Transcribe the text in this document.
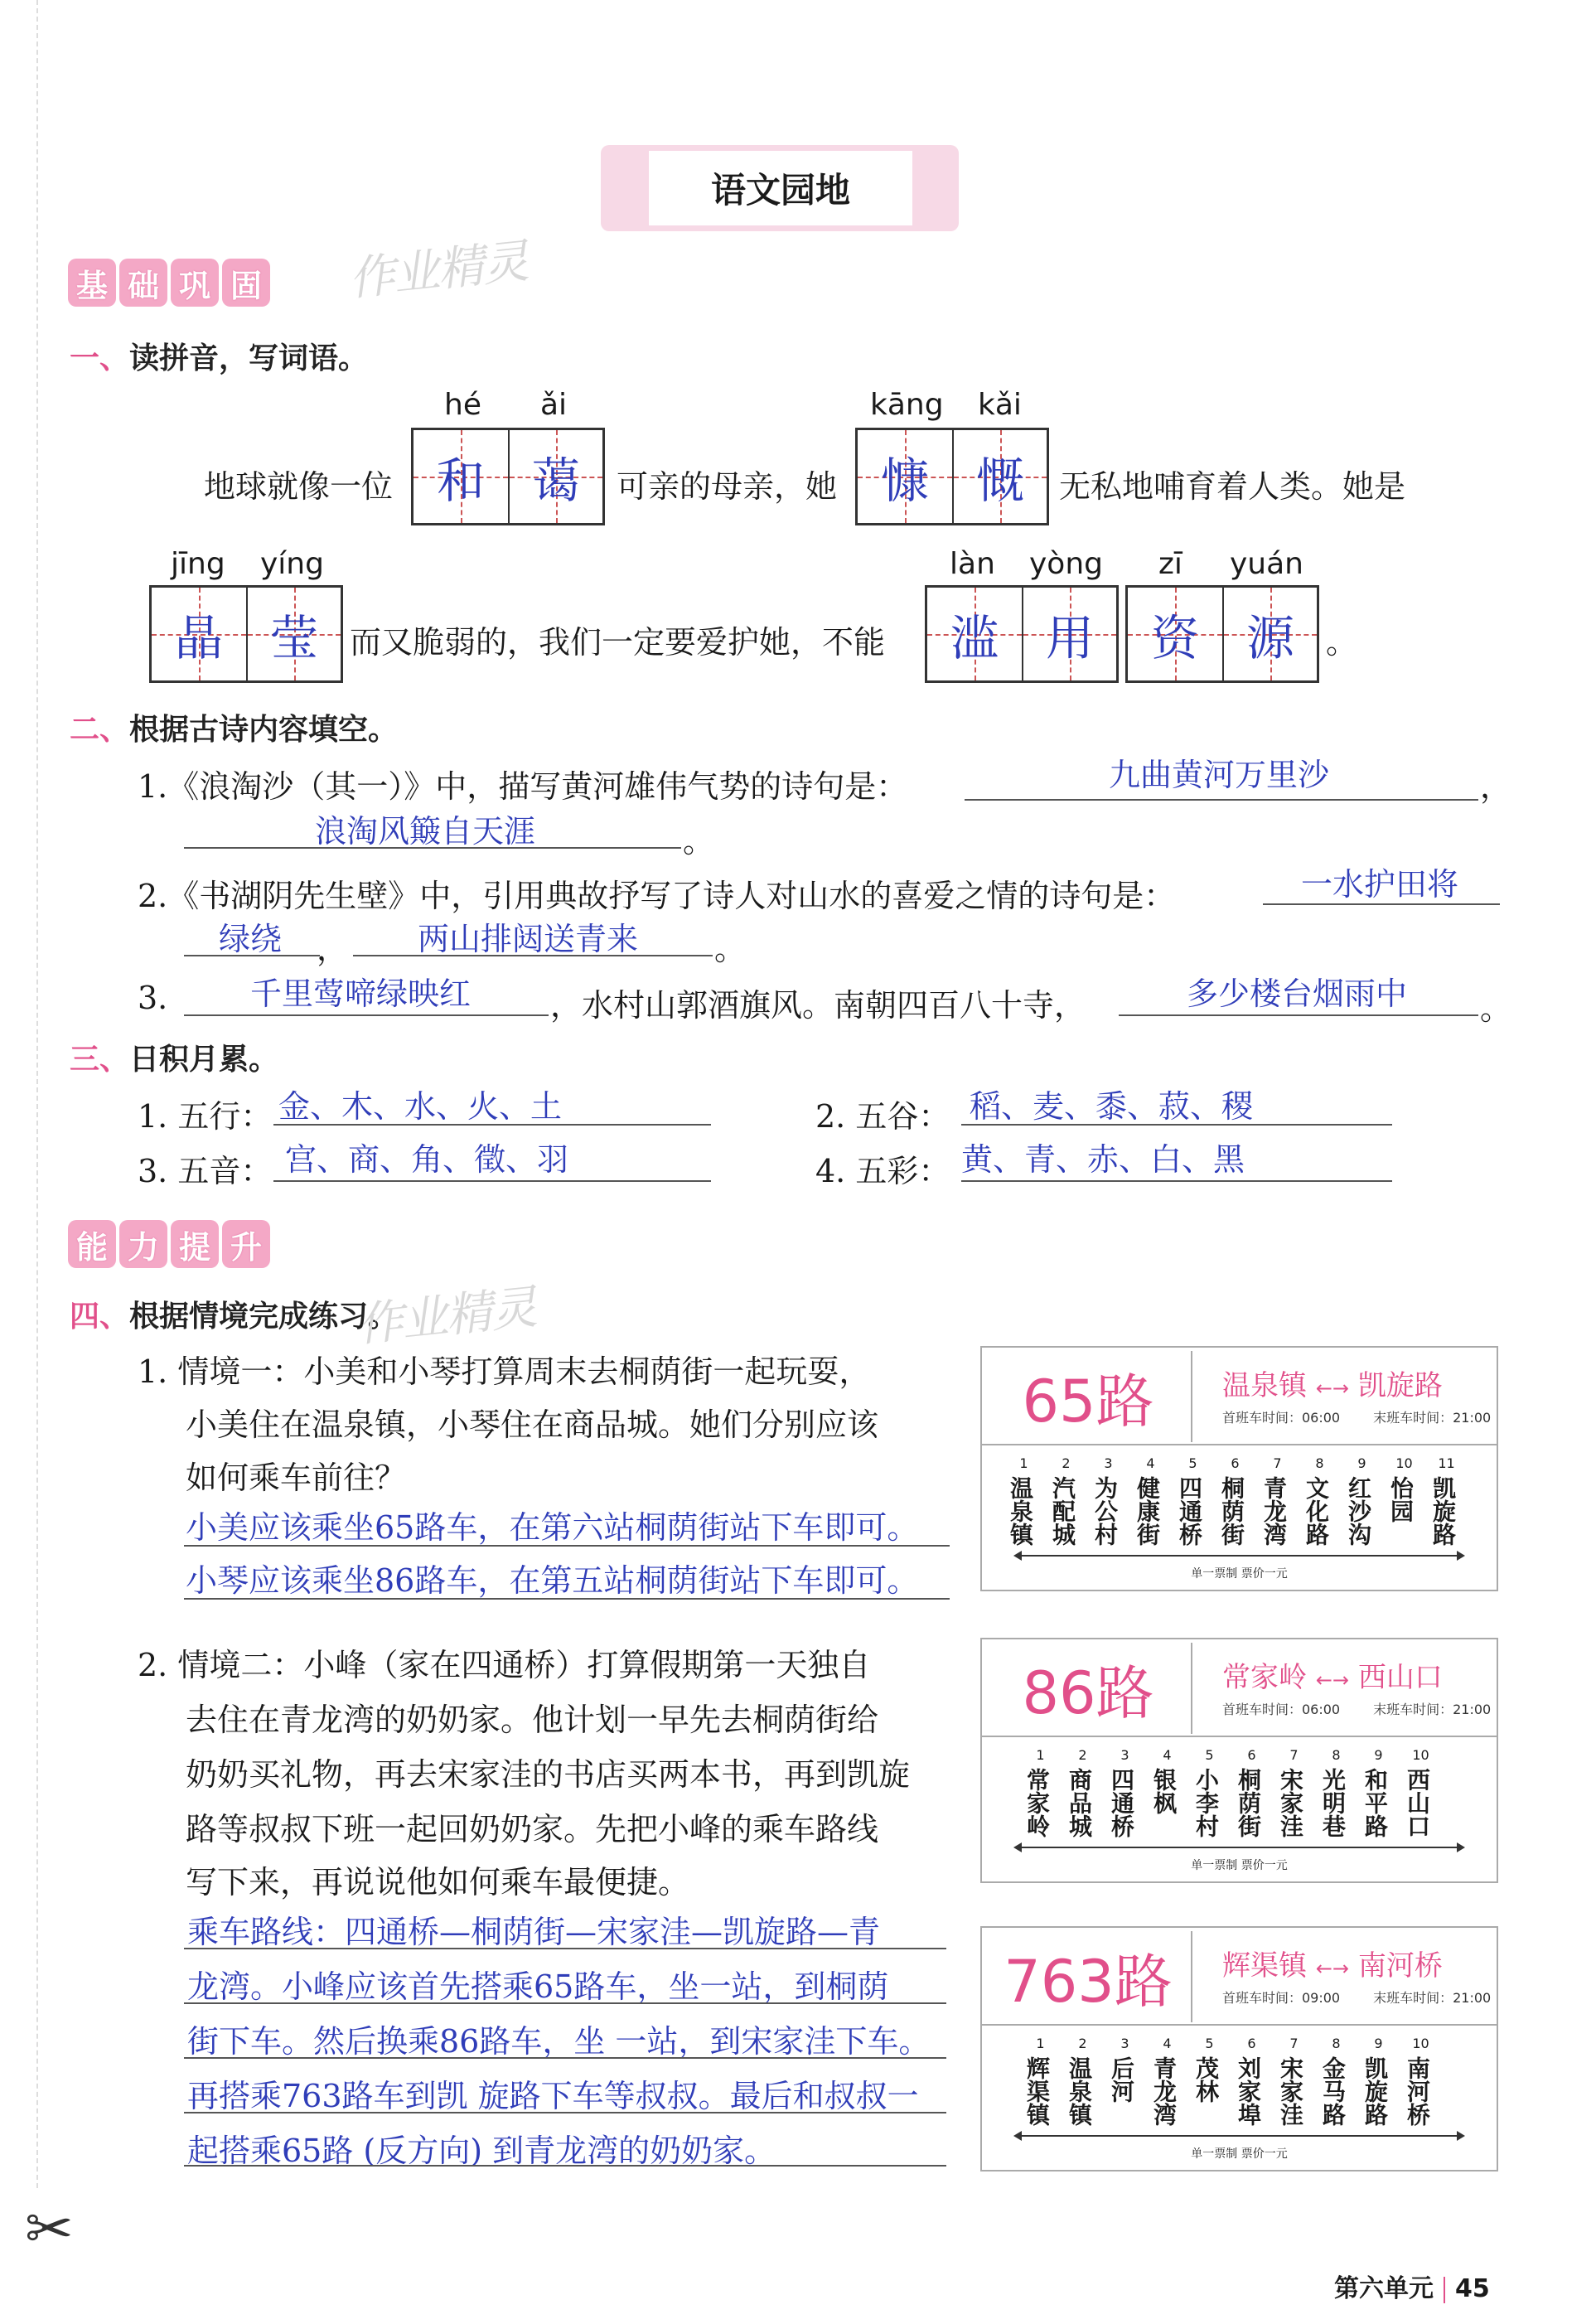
语文园地
基 础 巩 固 作业精灵
一、读拼音，写词语。
hé ǎi	kāng kǎi
地球就像一位 和 蔼 可亲的母亲，她 慷 慨 无私地哺育着人类。她是
jīng yíng	làn yòng zī yuán
晶 莹 而又脆弱的，我们一定要爱护她，不能 滥 用 资 源 。
二、根据古诗内容填空。
1.《浪淘沙（其一）》中，描写黄河雄伟气势的诗句是：	九曲黄河万里沙	，
浪淘风簸自天涯	。
2.《书湖阴先生壁》中，引用典故抒写了诗人对山水的喜爱之情的诗句是：	一水护田将
绿绕 ， 两山排闼送青来 。
3.	千里莺啼绿映红	，水村山郭酒旗风。南朝四百八十寺，	多少楼台烟雨中 。
三、日积月累。
1. 五行： 金、木、水、火、土	2. 五谷： 稻、麦、黍、菽、稷
3. 五音： 宫、商、角、徵、羽	4. 五彩： 黄、青、赤、白、黑
能 力 提 升
四、根据情境完成练习。
作业精灵
1. 情境一：小美和小琴打算周末去桐荫街一起玩耍，
小美住在温泉镇，小琴住在商品城。她们分别应该
如何乘车前往？
小美应该乘坐65路车，在第六站桐荫街站下车即可。
小琴应该乘坐86路车，在第五站桐荫街站下车即可。
2. 情境二：小峰（家在四通桥）打算假期第一天独自
去住在青龙湾的奶奶家。他计划一早先去桐荫街给
奶奶买礼物，再去宋家洼的书店买两本书，再到凯旋
路等叔叔下班一起回奶奶家。先把小峰的乘车路线
写下来，再说说他如何乘车最便捷。
乘车路线：四通桥—桐荫街—宋家洼—凯旋路—青
龙湾。小峰应该首先搭乘65路车，坐一站，到桐荫
街下车。然后换乘86路车，坐 一站，到宋家洼下车。
再搭乘763路车到凯 旋路下车等叔叔。最后和叔叔一
起搭乘65路 (反方向) 到青龙湾的奶奶家。
65路	温泉镇 ←→ 凯旋路
首班车时间：06:00	末班车时间：21:00
1
温泉镇
2
汽配城
3
为公村
4
健康街
5
四通桥
6
桐荫街
7
青龙湾
8
文化路
9
红沙沟
10
怡园
11
凯旋路
单一票制 票价一元
86路	常家岭 ←→ 西山口
首班车时间：06:00	末班车时间：21:00
1
常家岭
2
商品城
3
四通桥
4
银枫
5
小李村
6
桐荫街
7
宋家洼
8
光明巷
9
和平路
10
西山口
单一票制 票价一元
763路	辉渠镇 ←→ 南河桥
首班车时间：09:00	末班车时间：21:00
1
辉渠镇
2
温泉镇
3
后河
4
青龙湾
5
茂林
6
刘家埠
7
宋家洼
8
金马路
9
凯旋路
10
南河桥
单一票制 票价一元
✂
第六单元 45
